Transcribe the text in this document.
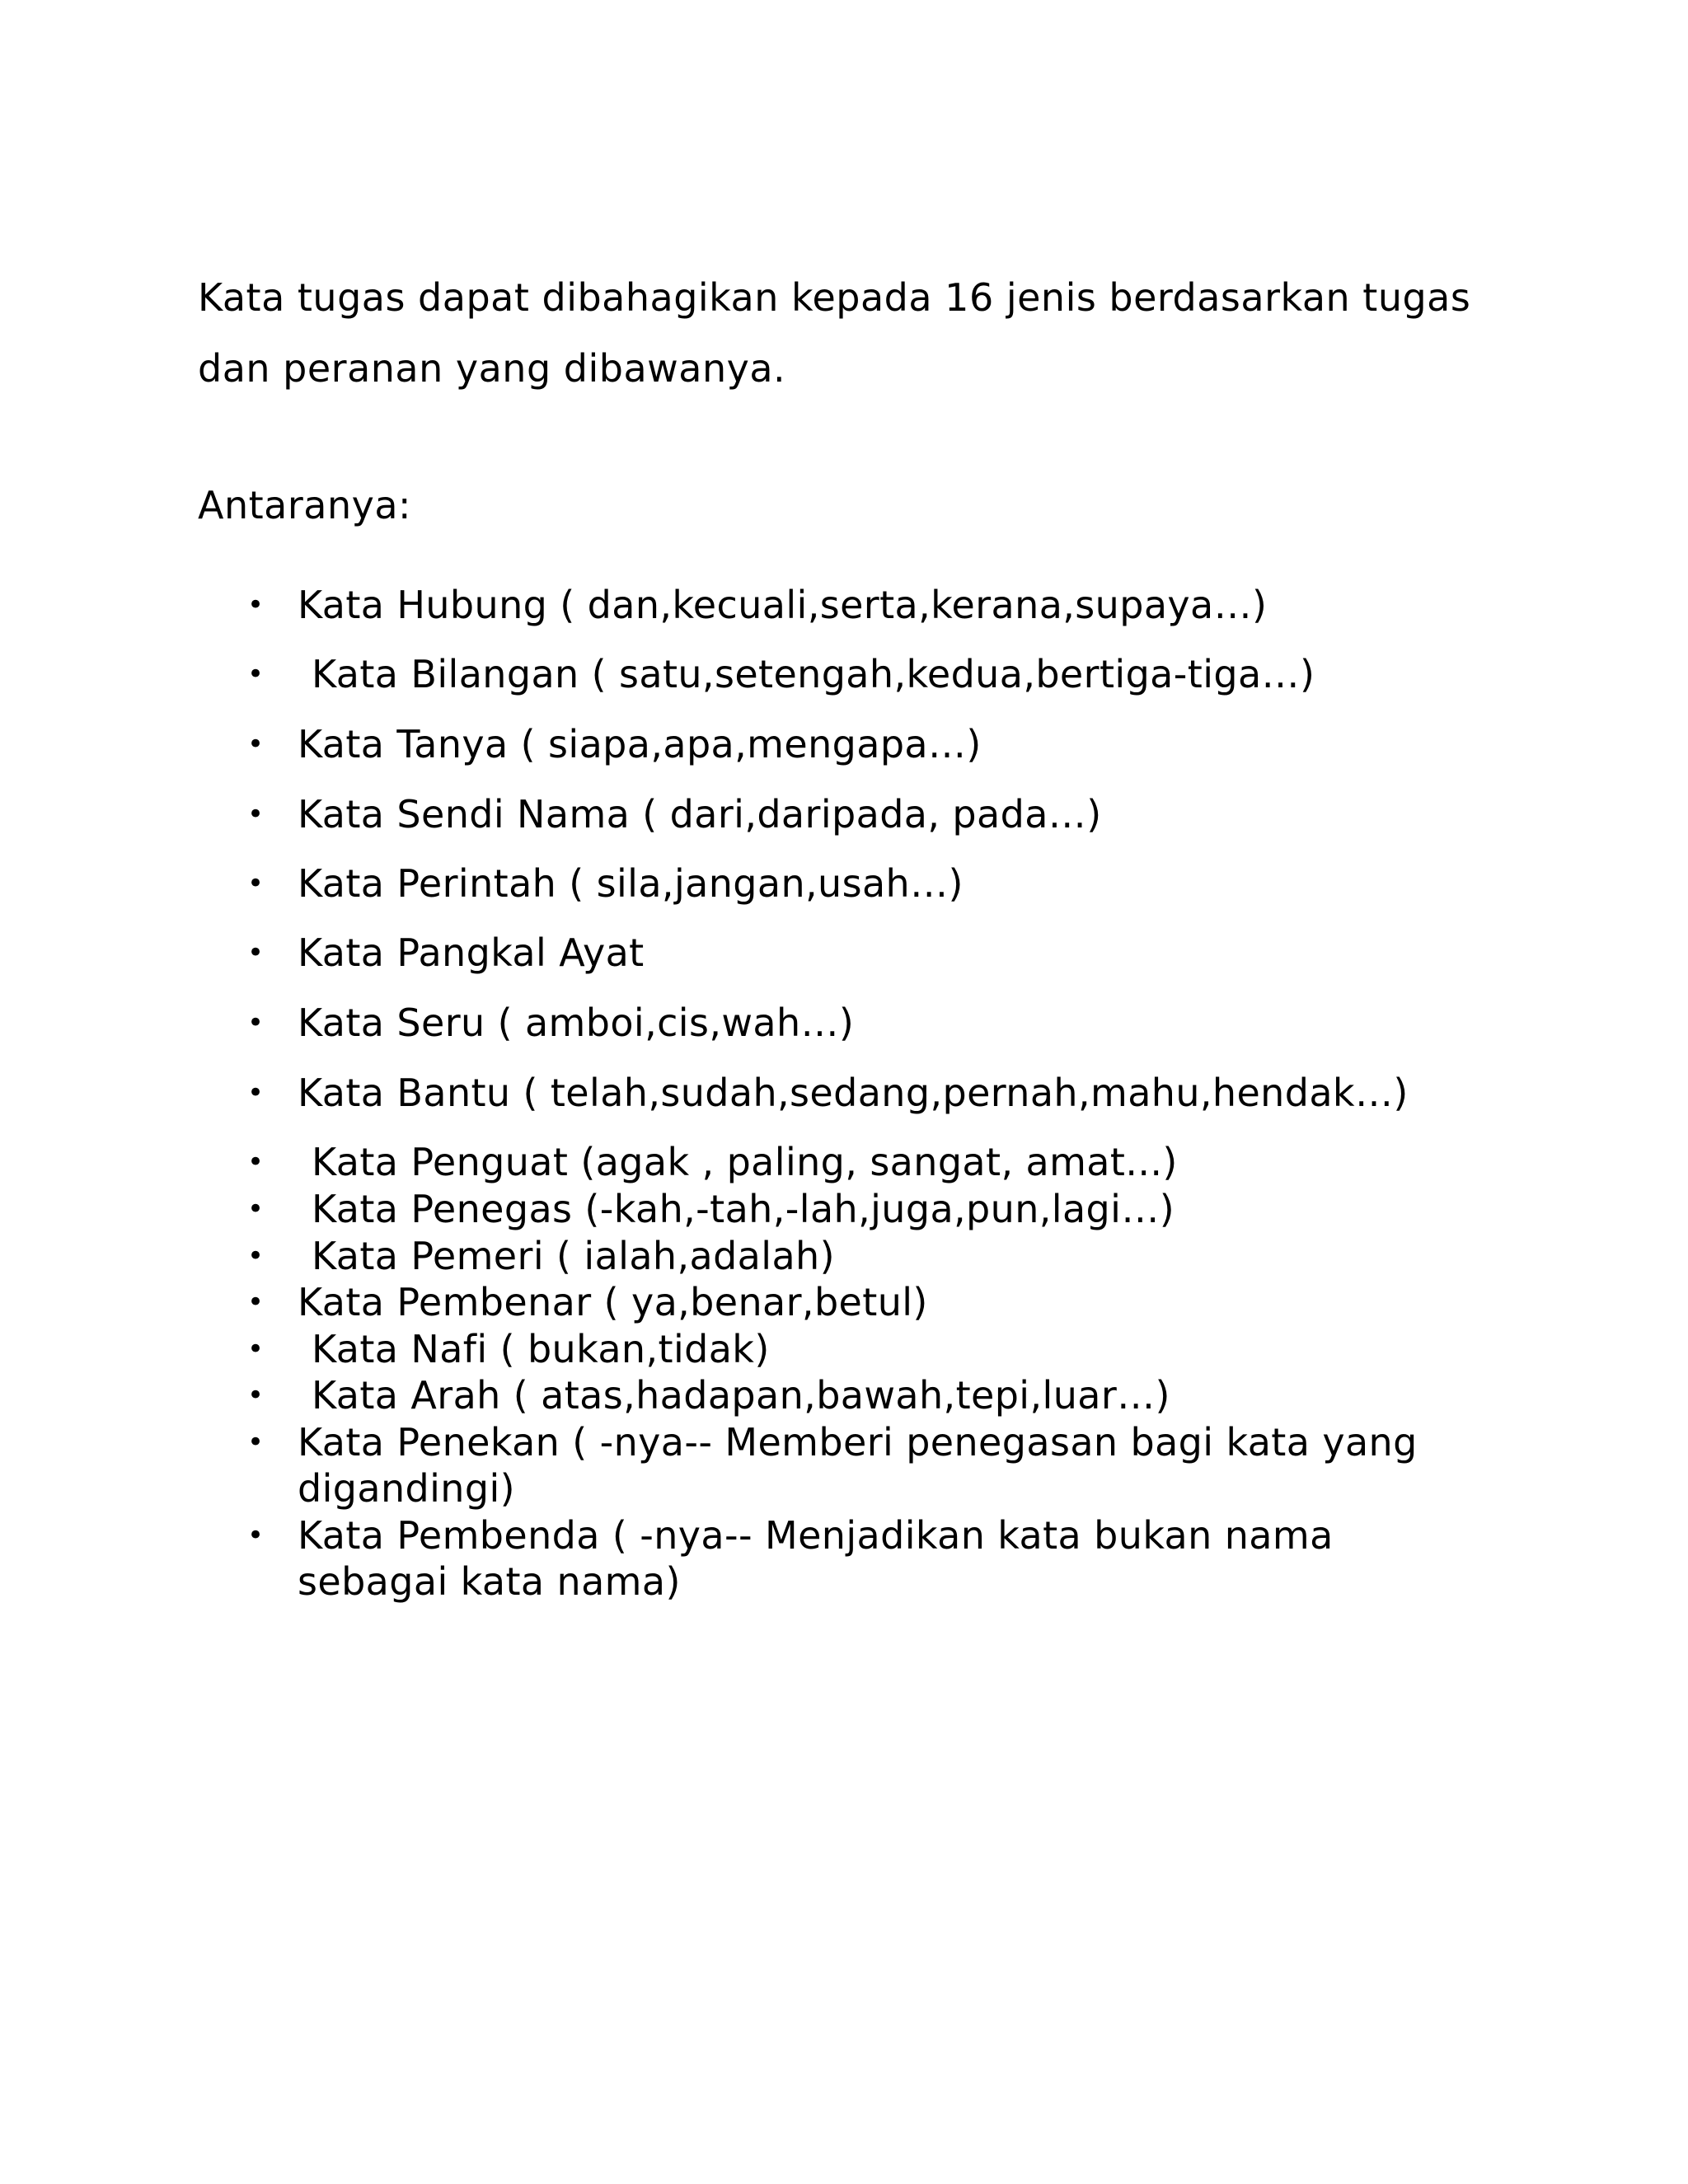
Kata tugas dapat dibahagikan kepada 16 jenis berdasarkan tugas
dan peranan yang dibawanya.

Antaranya:

• Kata Hubung ( dan,kecuali,serta,kerana,supaya…)
• Kata Bilangan ( satu,setengah,kedua,bertiga-tiga…)
• Kata Tanya ( siapa,apa,mengapa…)
• Kata Sendi Nama ( dari,daripada, pada…)
• Kata Perintah ( sila,jangan,usah…)
• Kata Pangkal Ayat
• Kata Seru ( amboi,cis,wah…)
• Kata Bantu ( telah,sudah,sedang,pernah,mahu,hendak…)
• Kata Penguat (agak , paling, sangat, amat...)
• Kata Penegas (-kah,-tah,-lah,juga,pun,lagi…)
• Kata Pemeri ( ialah,adalah)
• Kata Pembenar ( ya,benar,betul)
• Kata Nafi ( bukan,tidak)
• Kata Arah ( atas,hadapan,bawah,tepi,luar…)
• Kata Penekan ( -nya-- Memberi penegasan bagi kata yang digandingi)
• Kata Pembenda ( -nya-- Menjadikan kata bukan nama sebagai kata nama)
